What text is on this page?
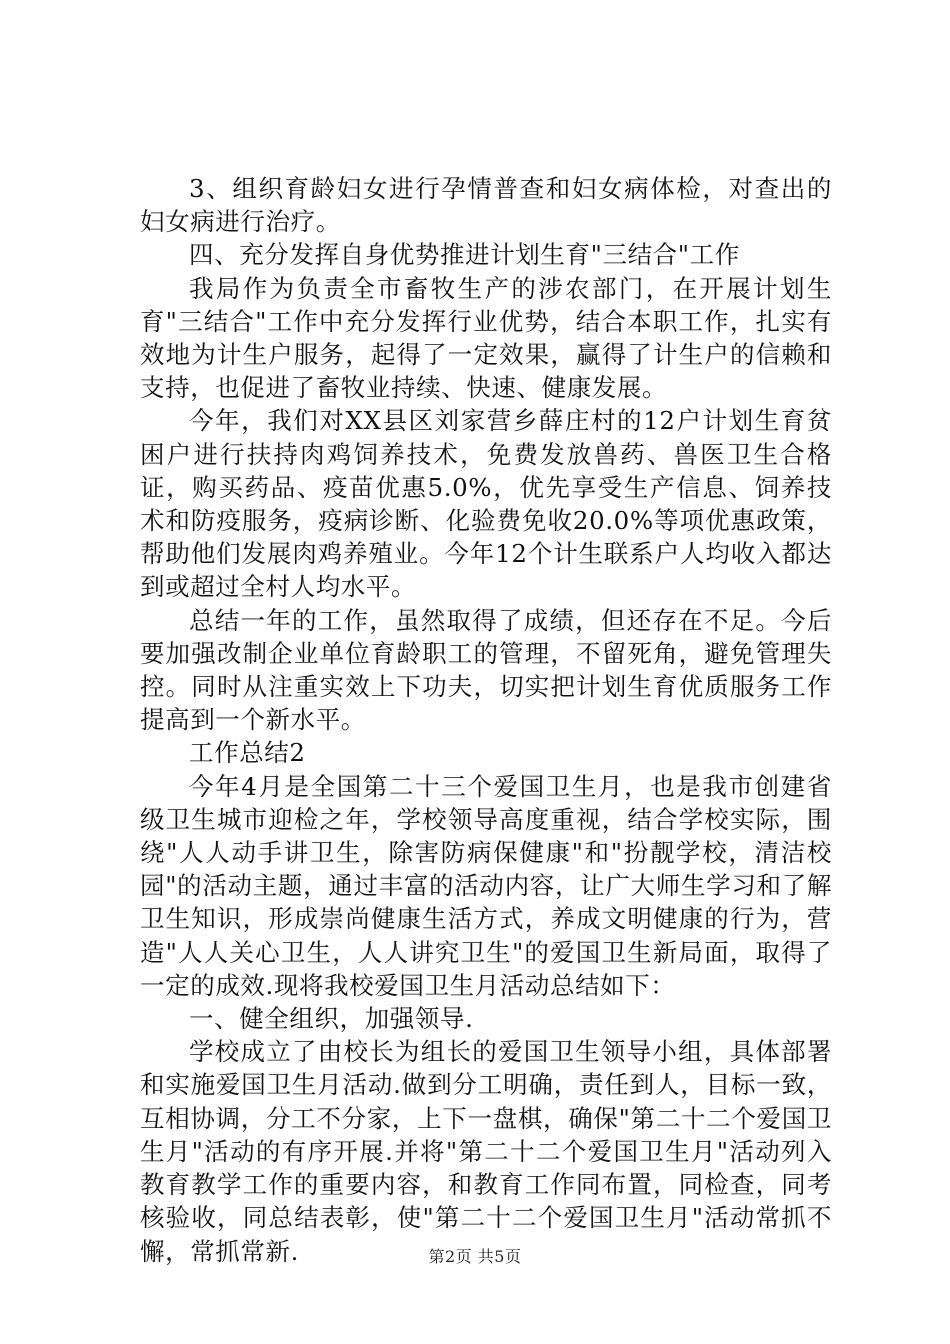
3、组织育龄妇女进行孕情普查和妇女病体检，对查出的妇女病进行治疗。

四、充分发挥自身优势推进计划生育"三结合"工作

我局作为负责全市畜牧生产的涉农部门，在开展计划生育"三结合"工作中充分发挥行业优势，结合本职工作，扎实有效地为计生户服务，起得了一定效果，赢得了计生户的信赖和支持，也促进了畜牧业持续、快速、健康发展。

今年，我们对XX县区刘家营乡薛庄村的12户计划生育贫困户进行扶持肉鸡饲养技术，免费发放兽药、兽医卫生合格证，购买药品、疫苗优惠5.0%，优先享受生产信息、饲养技术和防疫服务，疫病诊断、化验费免收20.0%等项优惠政策，帮助他们发展肉鸡养殖业。今年12个计生联系户人均收入都达到或超过全村人均水平。

总结一年的工作，虽然取得了成绩，但还存在不足。今后要加强改制企业单位育龄职工的管理，不留死角，避免管理失控。同时从注重实效上下功夫，切实把计划生育优质服务工作提高到一个新水平。

工作总结2

今年4月是全国第二十三个爱国卫生月，也是我市创建省级卫生城市迎检之年，学校领导高度重视，结合学校实际，围绕"人人动手讲卫生，除害防病保健康"和"扮靓学校，清洁校园"的活动主题，通过丰富的活动内容，让广大师生学习和了解卫生知识，形成崇尚健康生活方式，养成文明健康的行为，营造"人人关心卫生，人人讲究卫生"的爱国卫生新局面，取得了一定的成效.现将我校爱国卫生月活动总结如下：

一、健全组织，加强领导.

学校成立了由校长为组长的爱国卫生领导小组，具体部署和实施爱国卫生月活动.做到分工明确，责任到人，目标一致，互相协调，分工不分家，上下一盘棋，确保"第二十二个爱国卫生月"活动的有序开展.并将"第二十二个爱国卫生月"活动列入教育教学工作的重要内容，和教育工作同布置，同检查，同考核验收，同总结表彰，使"第二十二个爱国卫生月"活动常抓不懈，常抓常新.	第2页 共5页
